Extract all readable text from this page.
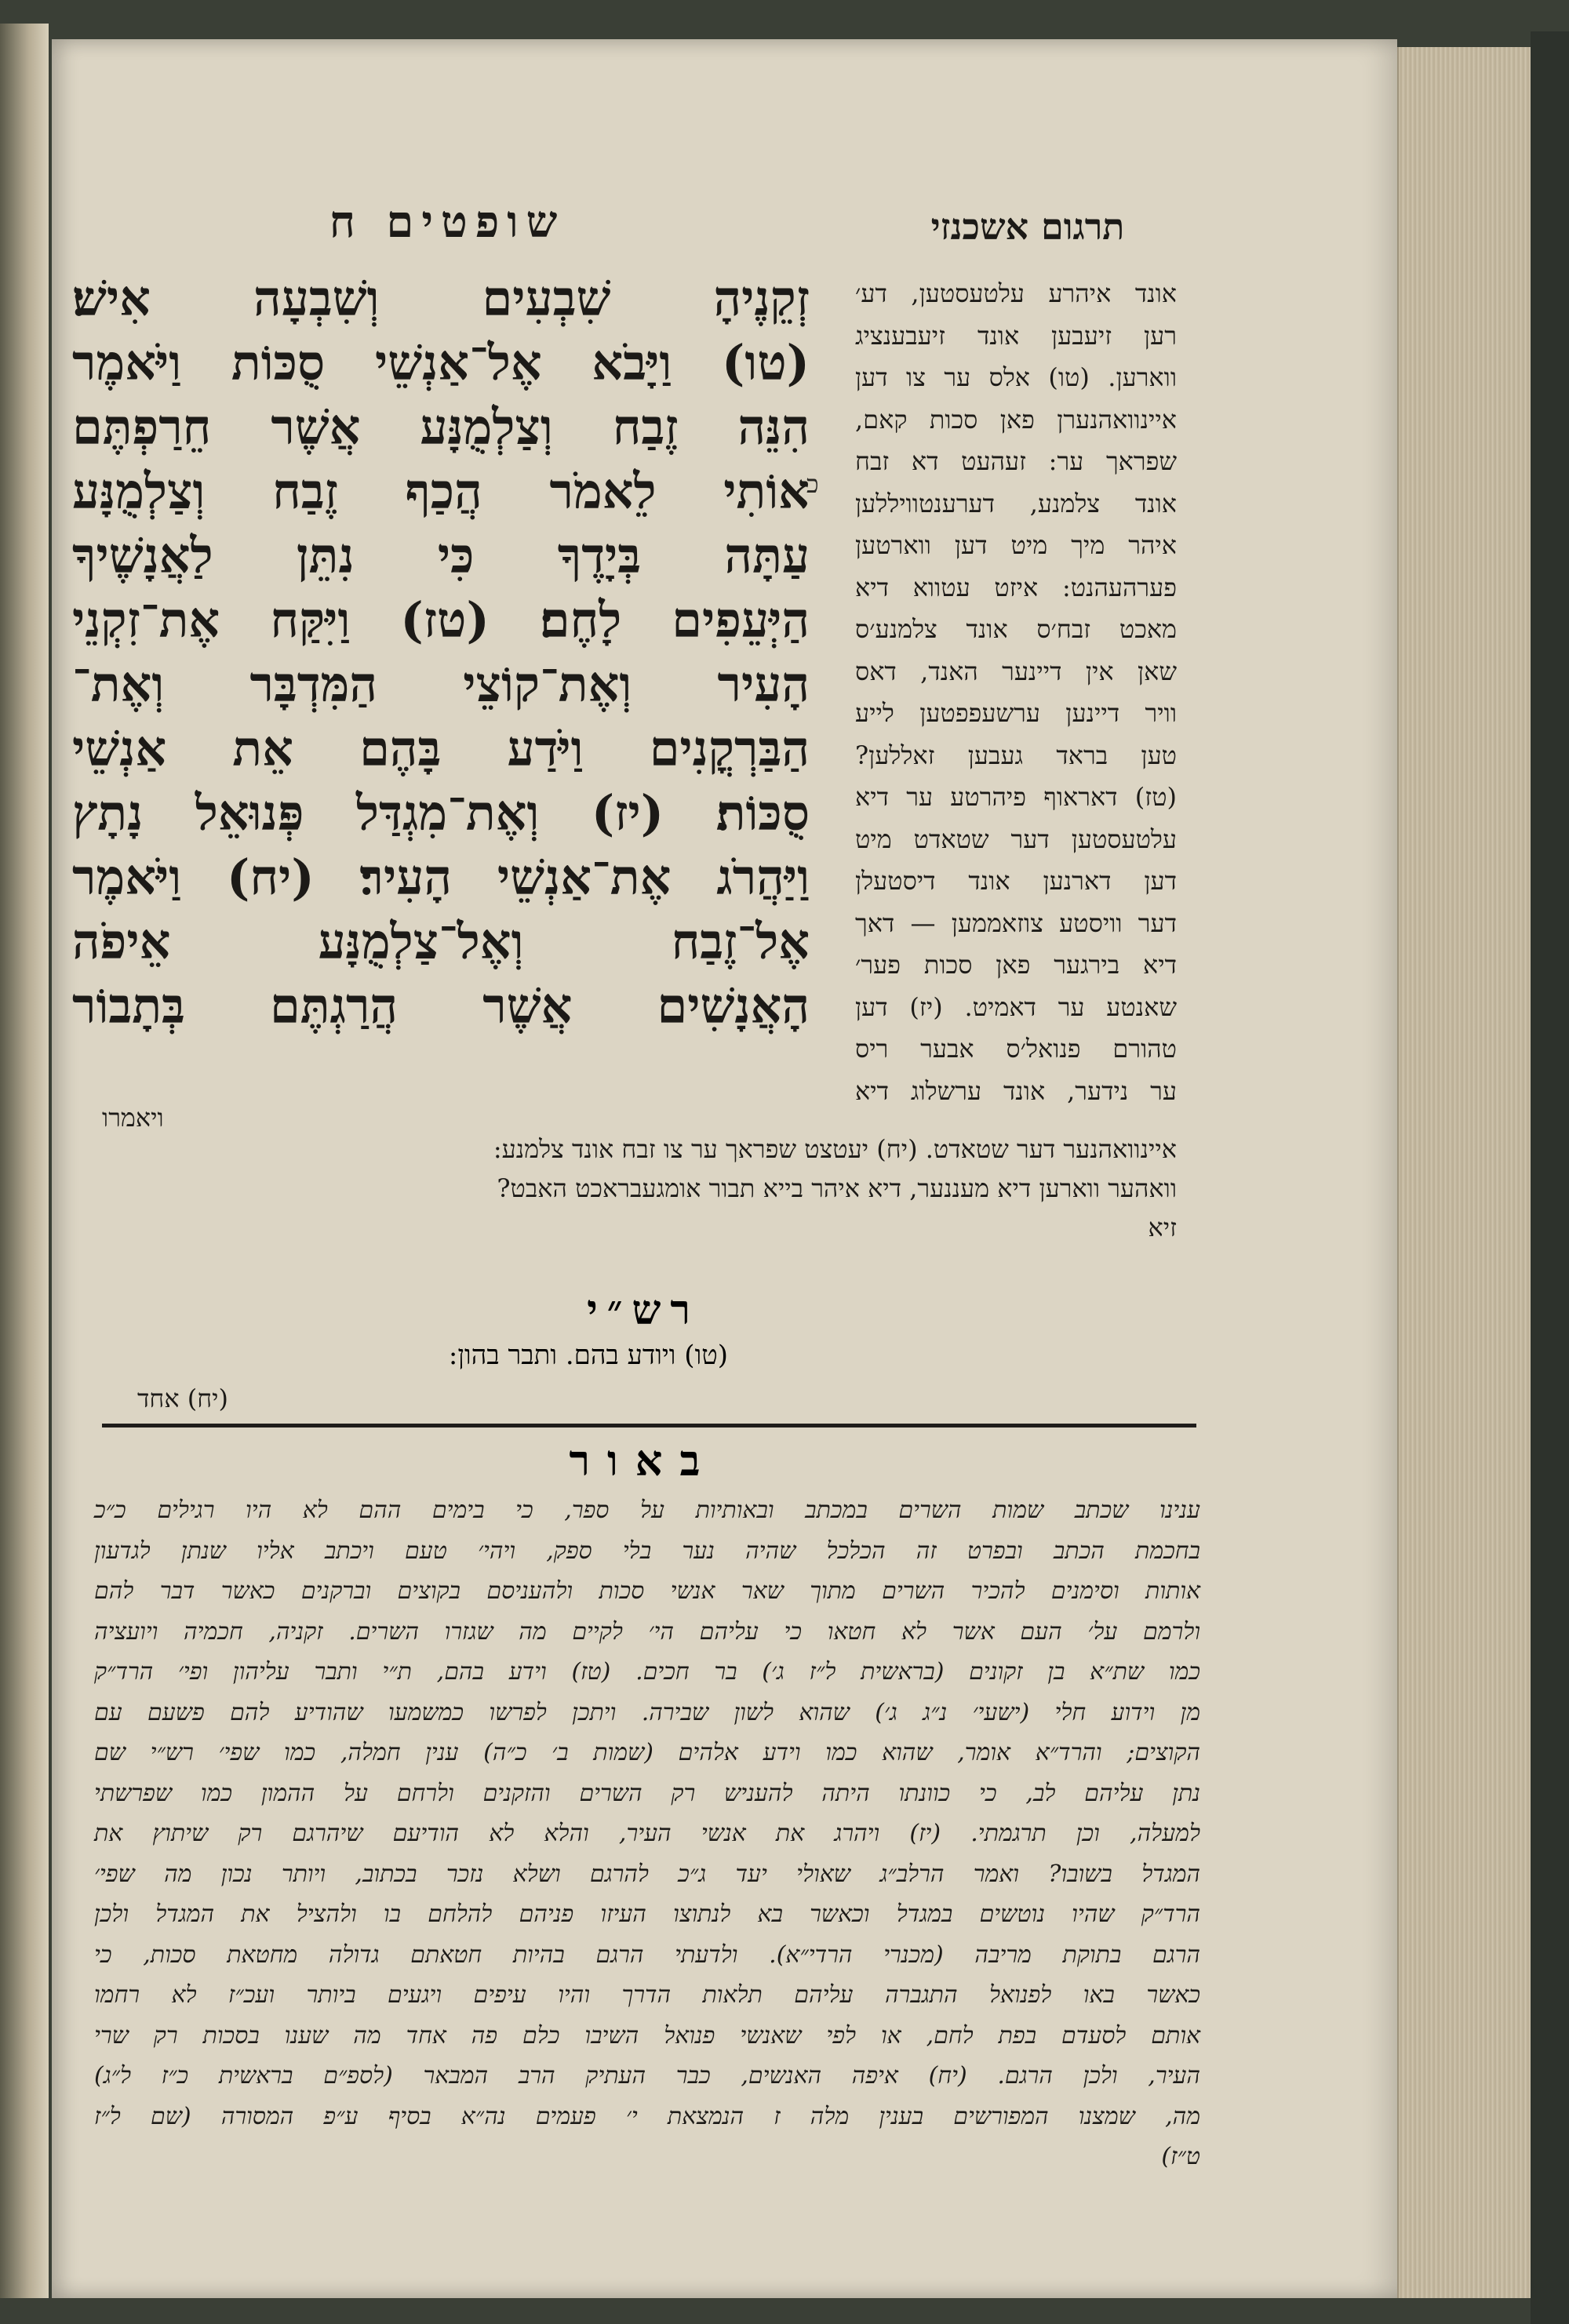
שופטים ח	תרגום אשכנזי
כ
זְקֵנֶיהָ שִׁבְעִים וְשִׁבְעָה אִישׁ׃
(טו) וַיָּבֹא אֶל־אַנְשֵׁי סֻכּוֹת וַיֹּאמֶר
הִנֵּה זֶבַח וְצַלְמֻנָּע אֲשֶׁר חֵרַפְתֶּם
אוֹתִי לֵאמֹר הֲכַף זֶבַח וְצַלְמֻנָּע
עַתָּה בְּיָדֶךָ כִּי נִתֵּן לַאֲנָשֶׁיךָ
הַיְּעֵפִים לָחֶם׃ (טז) וַיִּקַּח אֶת־זִקְנֵי
הָעִיר וְאֶת־קוֹצֵי הַמִּדְבָּר וְאֶת־
הַבַּרְקֳנִים וַיֹּדַע בָּהֶם אֵת אַנְשֵׁי
סֻכּוֹת׃ (יז) וְאֶת־מִגְדַּל פְּנוּאֵל נָתָץ
וַיַּהֲרֹג אֶת־אַנְשֵׁי הָעִיר׃ (יח) וַיֹּאמֶר
אֶל־זֶבַח וְאֶל־צַלְמֻנָּע אֵיפֹה
הָאֲנָשִׁים אֲשֶׁר הֲרַגְתֶּם בְּתָבוֹר
אונד איהרע עלטעסטען, דע׳
רען זיעבען אונד זיעבענציג
ווארען. (טו) אלס ער צו דען
איינוואהנערן פאן סכות קאם,
שפראך ער: זעהעט דא זבח
אונד צלמנע, דערענטוויללען
איהר מיך מיט דען ווארטען
פערהעהנט: איזט עטווא דיא
מאכט זבח׳ס אונד צלמנע׳ס
שאן אין דיינער האנד, דאס
וויר דיינען ערשעפפטען לייע
טען בראד געבען זאללען?
(טז) דאראוף פיהרטע ער דיא
עלטעסטען דער שטאדט מיט
דען דארנען אונד דיסטעלן
דער וויסטע צוזאממען — דאך
דיא בירגער פאן סכות פער׳
שאנטע ער דאמיט. (יז) דען
טהורם פנואל׳ס אבער ריס
ער נידער, אונד ערשלוג דיא
איינוואהנער דער שטאדט. (יח) יעטצט שפראך ער צו זבח אונד צלמנע:
ויאמרו
וואהער ווארען דיא מעננער, דיא איהר בייא תבור אומגעבראכט האבט?
זיא
רש״י
(טו) ויודע בהם. ותבר בהון:
(יח) אחד
באור
ענינו שכתב שמות השרים במכתב ובאותיות על ספר, כי בימים ההם לא היו רגילים כ״כ
בחכמת הכתב ובפרט זה הכלכל שהיה נער בלי ספק, ויהי׳ טעם ויכתב אליו שנתן לגדעון
אותות וסימנים להכיר השרים מתוך שאר אנשי סכות ולהעניסם בקוצים וברקנים כאשר דבר להם
ולרמם על׳ העם אשר לא חטאו כי עליהם הי׳ לקיים מה שגזרו השרים. זקניה, חכמיה ויועציה
כמו שת״א בן זקונים (בראשית ל״ז ג׳) בר חכים. (טז) וידע בהם, ת״י ותבר עליהון ופי׳ הרד״ק
מן וידוע חלי (ישעי׳ נ״ג ג׳) שהוא לשון שבירה. ויתכן לפרשו כמשמעו שהודיע להם פשעם עם
הקוצים; והרד״א אומר, שהוא כמו וידע אלהים (שמות ב׳ כ״ה) ענין חמלה, כמו שפי׳ רש״י שם
נתן עליהם לב, כי כוונתו היתה להעניש רק השרים והזקנים ולרחם על ההמון כמו שפרשתי
למעלה, וכן תרגמתי. (יז) ויהרג את אנשי העיר, והלא לא הודיעם שיהרגם רק שיתוץ את
המגדל בשובו? ואמר הרלב״ג שאולי יעד ג״כ להרגם ושלא נזכר בכתוב, ויותר נכון מה שפי׳
הרד״ק שהיו נוטשים במגדל וכאשר בא לנתוצו העיזו פניהם להלחם בו ולהציל את המגדל ולכן
הרגם בתוקת מריבה (מכנרי הרדי״א). ולדעתי הרגם בהיות חטאתם גדולה מחטאת סכות, כי
כאשר באו לפנואל התגברה עליהם תלאות הדרך והיו עיפים ויגעים ביותר ועכ״ז לא רחמו
אותם לסעדם בפת לחם, או לפי שאנשי פנואל השיבו כלם פה אחד מה שענו בסכות רק שרי
העיר, ולכן הרגם. (יח) איפה האנשים, כבר העתיק הרב המבאר (לספ״ם בראשית כ״ז ל״ג)
מה, שמצנו המפורשים בענין מלה ז הנמצאת י׳ פעמים נה״א בסיף ע״פ המסורה (שם ל״ז
ט״ז)
